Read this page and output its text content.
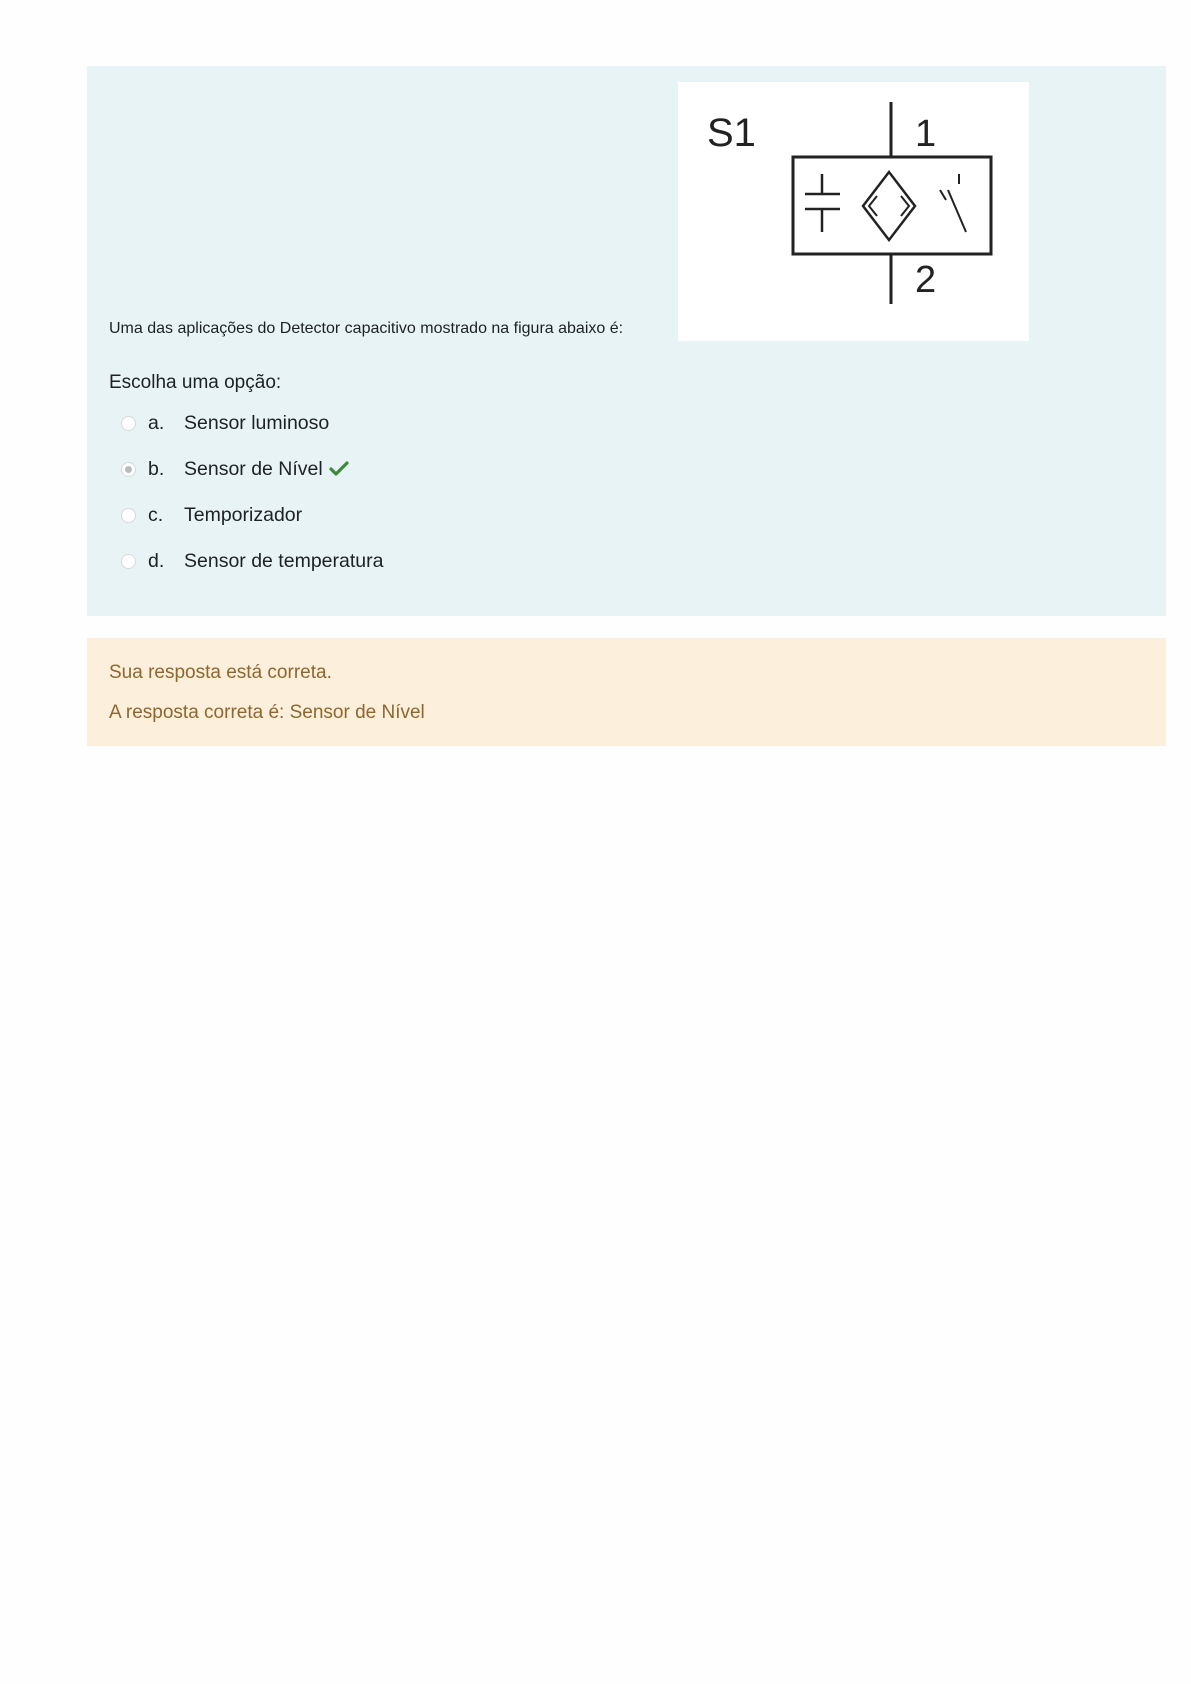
S1	1
2
Uma das aplicações do Detector capacitivo mostrado na figura abaixo é:
Escolha uma opção:
a.	Sensor luminoso
b.	Sensor de Nível
c.	Temporizador
d.	Sensor de temperatura
Sua resposta está correta.
A resposta correta é: Sensor de Nível
